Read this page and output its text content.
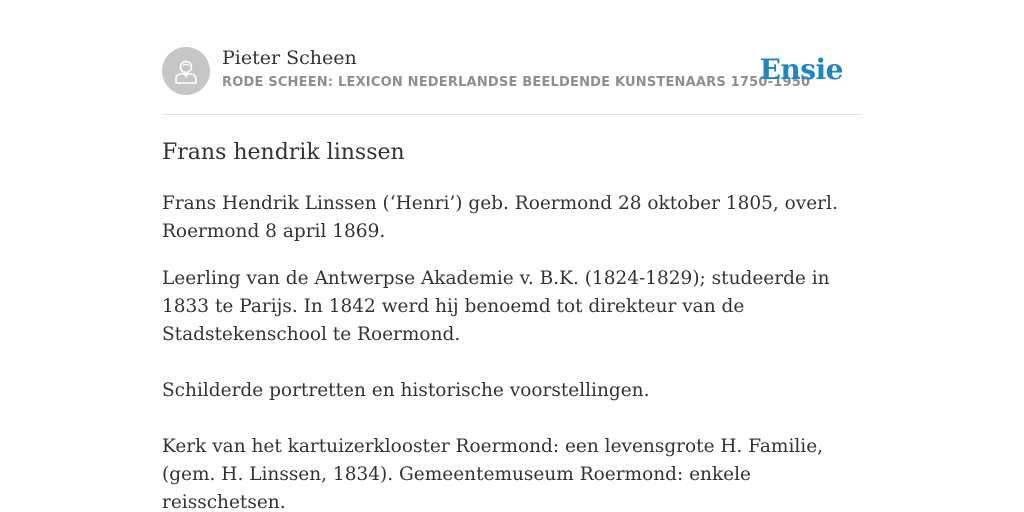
Pieter Scheen
RODE SCHEEN: LEXICON NEDERLANDSE BEELDENDE KUNSTENAARS 1750-1950
Ensie
Frans hendrik linssen

Frans Hendrik Linssen (‘Henri’) geb. Roermond 28 oktober 1805, overl. Roermond 8 april 1869.

Leerling van de Antwerpse Akademie v. B.K. (1824-1829); studeerde in 1833 te Parijs. In 1842 werd hij benoemd tot direkteur van de Stadstekenschool te Roermond.

Schilderde portretten en historische voorstellingen.

Kerk van het kartuizerklooster Roermond: een levensgrote H. Familie, (gem. H. Linssen, 1834). Gemeentemuseum Roermond: enkele reisschetsen.
